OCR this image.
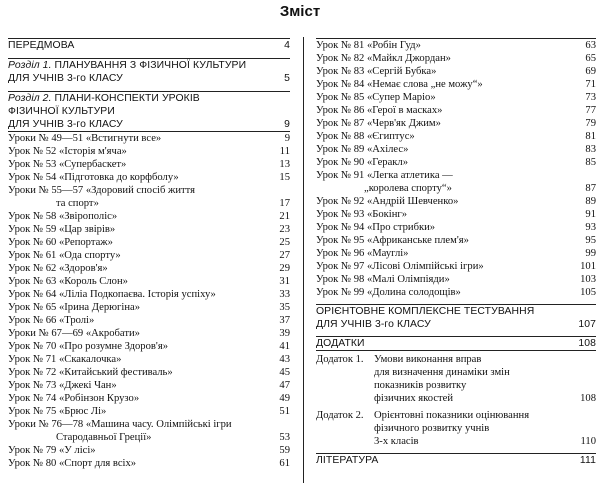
Зміст
ПЕРЕДМОВА	4
Розділ 1. ПЛАНУВАННЯ З ФІЗИЧНОЇ КУЛЬТУРИ
ДЛЯ УЧНІВ 3-го КЛАСУ	5
Розділ 2. ПЛАНИ-КОНСПЕКТИ УРОКІВ
ФІЗИЧНОЇ КУЛЬТУРИ
ДЛЯ УЧНІВ 3-го КЛАСУ	9
Уроки № 49—51 «Встигнути все»	9
Урок № 52 «Історія м'яча»	11
Урок № 53 «Супербаскет»	13
Урок № 54 «Підготовка до корфболу»	15
Уроки № 55—57 «Здоровий спосіб життя
та спорт»	17
Урок № 58 «Звірополіс»	21
Урок № 59 «Цар звірів»	23
Урок № 60 «Репортаж»	25
Урок № 61 «Ода спорту»	27
Урок № 62 «Здоров'я»	29
Урок № 63 «Король Слон»	31
Урок № 64 «Ліліа Подкопаєва. Історія успіху»	33
Урок № 65 «Ірина Дерюгіна»	35
Урок № 66 «Тролі»	37
Уроки № 67—69 «Акробати»	39
Урок № 70 «Про розумне Здоров'я»	41
Урок № 71 «Скакалочка»	43
Урок № 72 «Китайський фестиваль»	45
Урок № 73 «Джекі Чан»	47
Урок № 74 «Робінзон Крузо»	49
Урок № 75 «Брюс Лі»	51
Уроки № 76—78 «Машина часу. Олімпійські ігри
Стародавньої Греції»	53
Урок № 79 «У лісі»	59
Урок № 80 «Спорт для всіх»	61
Урок № 81 «Робін Гуд»	63
Урок № 82 «Майкл Джордан»	65
Урок № 83 «Сергій Бубка»	69
Урок № 84 «Немає слова „не можу“»	71
Урок № 85 «Супер Маріо»	73
Урок № 86 «Герої в масках»	77
Урок № 87 «Черв'як Джим»	79
Урок № 88 «Єгиптус»	81
Урок № 89 «Ахілес»	83
Урок № 90 «Геракл»	85
Урок № 91 «Легка атлетика —
„королева спорту“»	87
Урок № 92 «Андрій Шевченко»	89
Урок № 93 «Бокінг»	91
Урок № 94 «Про стрибки»	93
Урок № 95 «Африканське плем'я»	95
Урок № 96 «Мауглі»	99
Урок № 97 «Лісові Олімпійські ігри»	101
Урок № 98 «Малі Олімпіяди»	103
Урок № 99 «Долина солодощів»	105
ОРІЄНТОВНЕ КОМПЛЕКСНЕ ТЕСТУВАННЯ
ДЛЯ УЧНІВ 3-го КЛАСУ	107
ДОДАТКИ	108
Додаток 1. Умови виконання вправ
для визначення динаміки змін
показників розвитку
фізичних якостей	108
Додаток 2. Орієнтовні показники оцінювання
фізичного розвитку учнів
3-х класів	110
ЛІТЕРАТУРА	111
